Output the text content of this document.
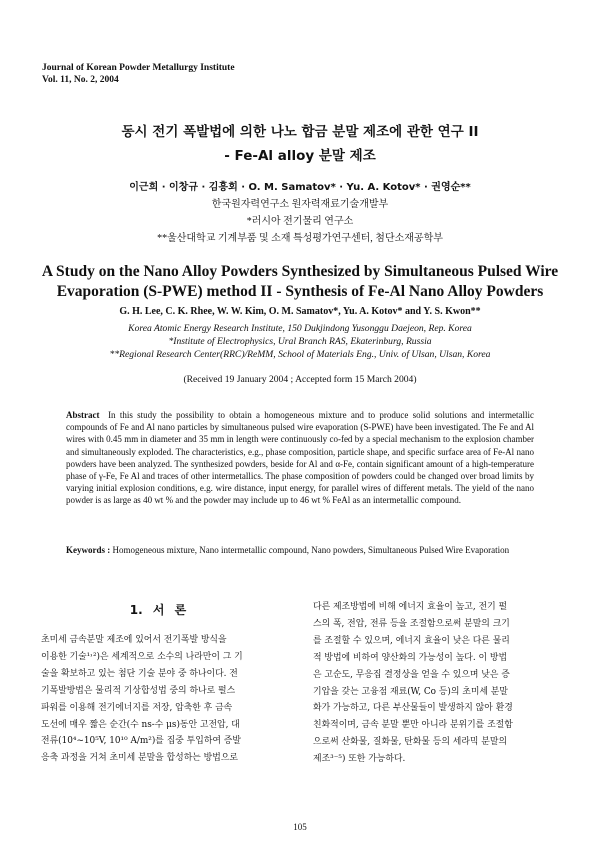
Journal of Korean Powder Metallurgy Institute
Vol. 11, No. 2, 2004
동시 전기 폭발법에 의한 나노 합금 분말 제조에 관한 연구 II
- Fe-Al alloy 분말 제조
이근희 · 이창규 · 김흥회 · O. M. Samatov* · Yu. A. Kotov* · 권영순**
한국원자력연구소 원자력재료기술개발부
*러시아 전기물리 연구소
**울산대학교 기계부품 및 소재 특성평가연구센터, 첨단소재공학부
A Study on the Nano Alloy Powders Synthesized by Simultaneous Pulsed Wire
Evaporation (S-PWE) method II - Synthesis of Fe-Al Nano Alloy Powders
G. H. Lee, C. K. Rhee, W. W. Kim, O. M. Samatov*, Yu. A. Kotov* and Y. S. Kwon**
Korea Atomic Energy Research Institute, 150 Dukjindong Yusonggu Daejeon, Rep. Korea
*Institute of Electrophysics, Ural Branch RAS, Ekaterinburg, Russia
**Regional Research Center(RRC)/ReMM, School of Materials Eng., Univ. of Ulsan, Ulsan, Korea
(Received 19 January 2004 ; Accepted form 15 March 2004)
Abstract In this study the possibility to obtain a homogeneous mixture and to produce solid solutions and intermetallic compounds of Fe and Al nano particles by simultaneous pulsed wire evaporation (S-PWE) have been investigated. The Fe and Al wires with 0.45 mm in diameter and 35 mm in length were continuously co-fed by a special mechanism to the explosion chamber and simultaneously exploded. The characteristics, e.g., phase composition, particle shape, and specific surface area of Fe-Al nano powders have been analyzed. The synthesized powders, beside for Al and α-Fe, contain significant amount of a high-temperature phase of γ-Fe, Fe Al and traces of other intermetallics. The phase composition of powders could be changed over broad limits by varying initial explosion conditions, e.g. wire distance, input energy, for parallel wires of different metals. The yield of the nano powder is as large as 40 wt % and the powder may include up to 46 wt % FeAl as an intermetallic compound.
Keywords : Homogeneous mixture, Nano intermetallic compound, Nano powders, Simultaneous Pulsed Wire Evaporation
1. 서 론
초미세 금속분말 제조에 있어서 전기폭발 방식을
이용한 기술¹˒²)은 세계적으로 소수의 나라만이 그 기
술을 확보하고 있는 첨단 기술 분야 중 하나이다. 전
기폭발방법은 물리적 기상합성법 중의 하나로 펄스
파워를 이용해 전기에너지를 저장, 압축한 후 금속
도선에 매우 짧은 순간(수 ns-수 μs)동안 고전압, 대
전류(10⁴~10⁵V, 10¹⁰ A/m²)를 집중 투입하여 증발
응축 과정을 거쳐 초미세 분말을 합성하는 방법으로
다른 제조방법에 비해 에너지 효율이 높고, 전기 펄
스의 폭, 전압, 전류 등을 조절함으로써 분말의 크기
를 조절할 수 있으며, 에너지 효율이 낮은 다른 물리
적 방법에 비하여 양산화의 가능성이 높다. 이 방법
은 고순도, 무응집 결정상을 얻을 수 있으며 낮은 증
기압을 갖는 고융점 재료(W, Co 등)의 초미세 분말
화가 가능하고, 다른 부산물들이 발생하지 않아 환경
친화적이며, 금속 분말 뿐만 아니라 분위기를 조절함
으로써 산화물, 질화물, 탄화물 등의 세라믹 분말의
제조³⁻⁵) 또한 가능하다.
105
